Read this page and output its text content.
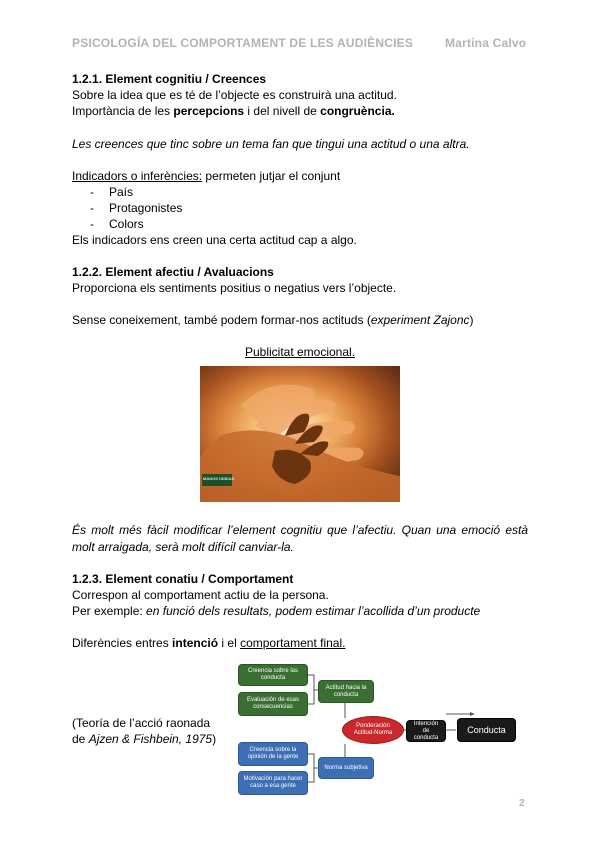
PSICOLOGÍA DEL COMPORTAMENT DE LES AUDIÈNCIES	Martina Calvo
1.2.1. Element cognitiu / Creences
Sobre la idea que es té de l’objecte es construirà una actitud.
Importància de les percepcions i del nivell de congruència.
Les creences que tinc sobre un tema fan que tingui una actitud o una altra.
Indicadors o inferències: permeten jutjar el conjunt
- País
- Protagonistes
- Colors
Els indicadors ens creen una certa actitud cap a algo.
1.2.2. Element afectiu / Avaluacions
Proporciona els sentiments positius o negatius vers l’objecte.
Sense coneixement, també podem formar-nos actituds (experiment Zajonc)
Publicitat emocional.
MANOS UNIDAS
És molt més fàcil modificar l’element cognitiu que l’afectiu. Quan una emoció està molt arraigada, serà molt difícil canviar-la.
1.2.3. Element conatiu / Comportament
Correspon al comportament actiu de la persona.
Per exemple: en funció dels resultats, podem estimar l’acollida d’un producte
Diferències entres intenció i el comportament final.
(Teoría de l’acció raonada
de Ajzen & Fishbein, 1975)
Creencia sobre las conducta
Evaluación de esas consecuencias
Actitud hacia la conducta
Ponderación Actitud-Norma
Intención de conducta
Conducta
Creencia sobre la opinión de la gente
Motivación para hacer caso a esa gente
Norma subjetiva
2
